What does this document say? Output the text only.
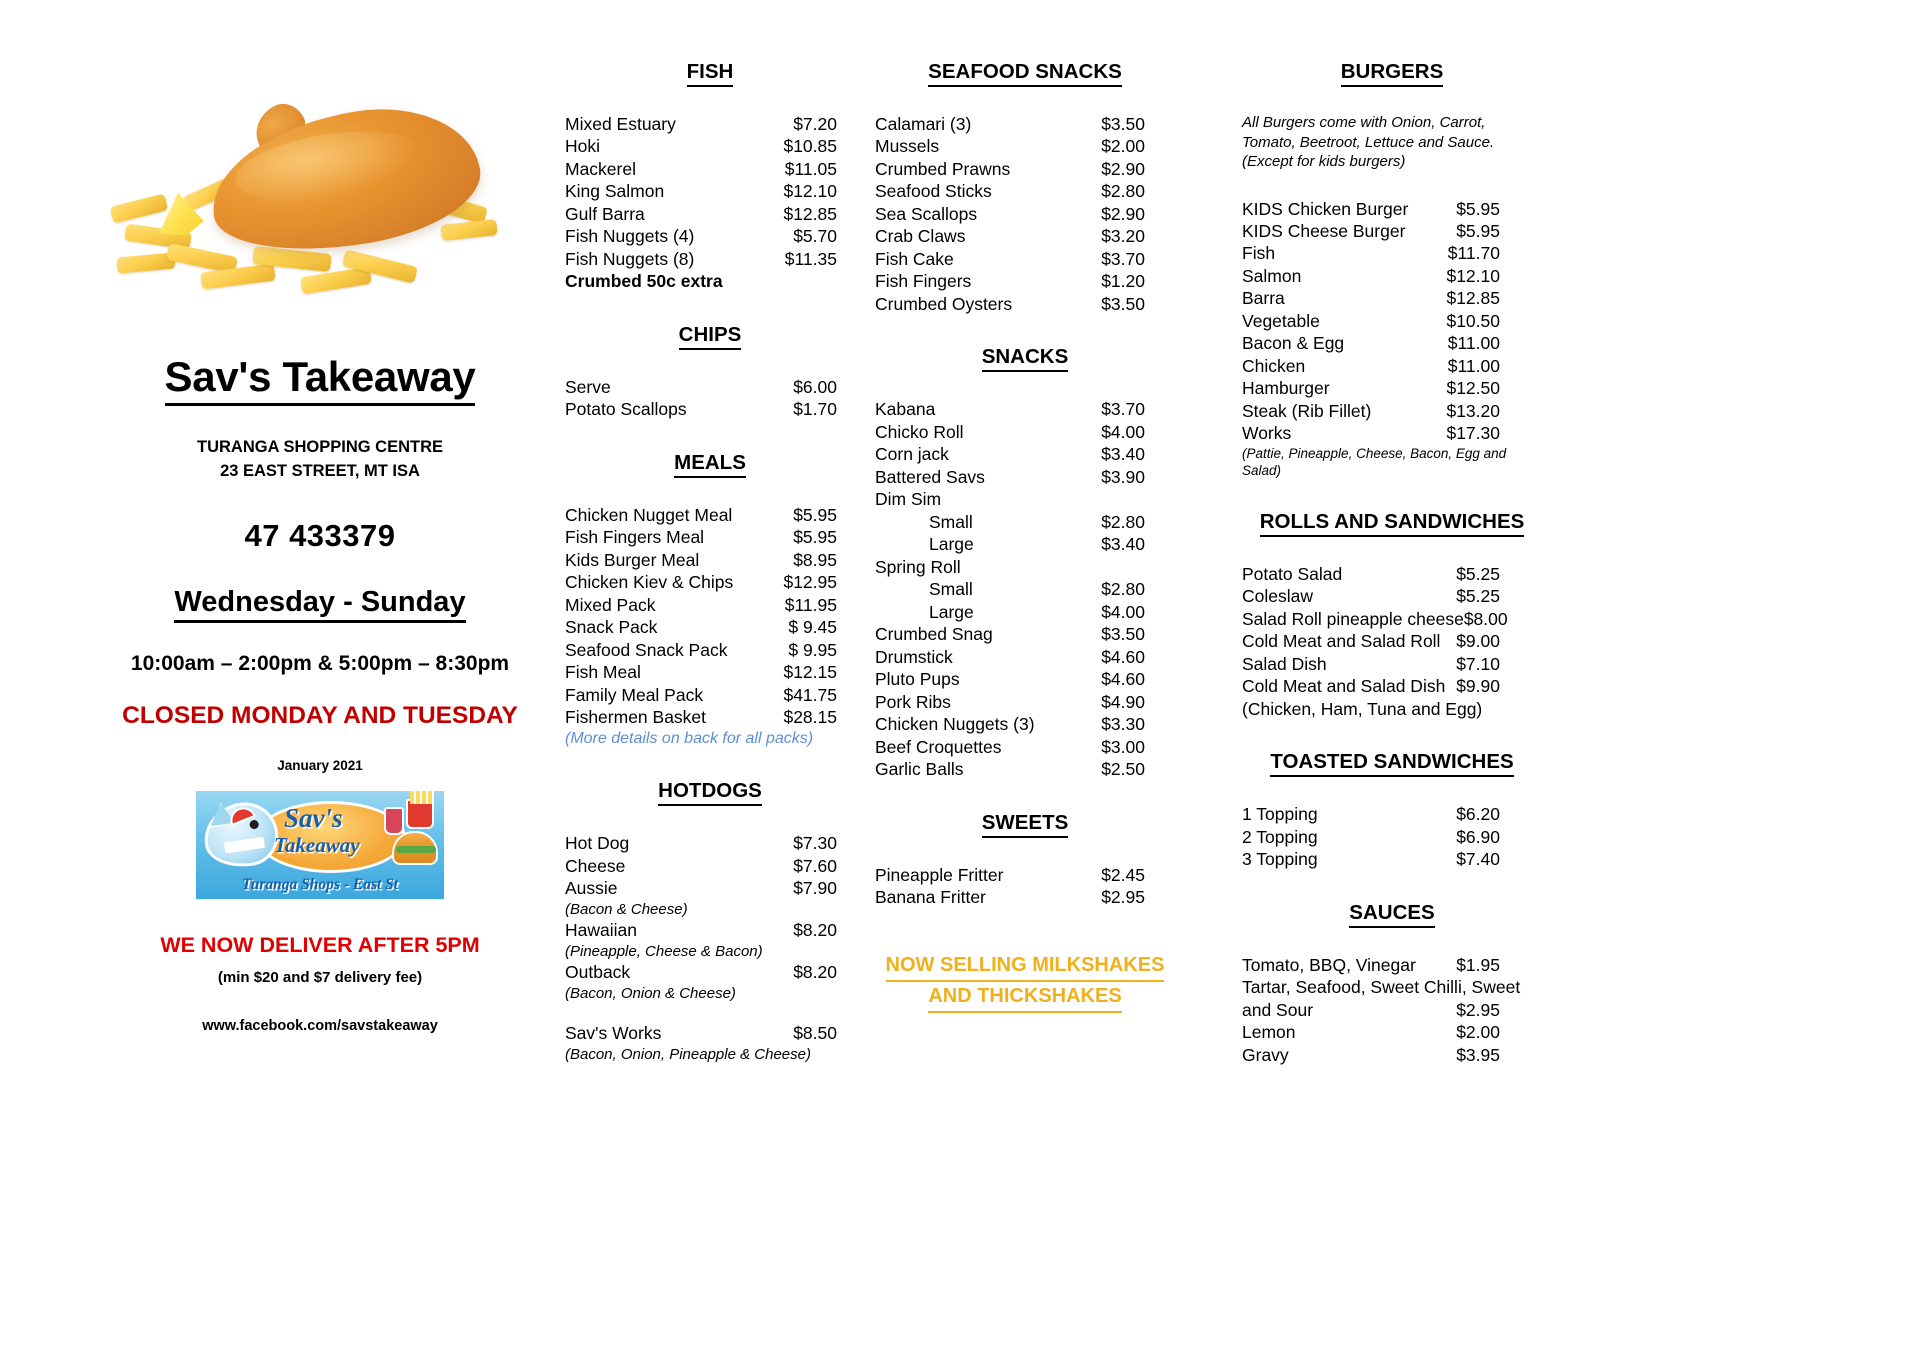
Sav's Takeaway
TURANGA SHOPPING CENTRE
23 EAST STREET, MT ISA
47 433379
Wednesday - Sunday
10:00am – 2:00pm & 5:00pm – 8:30pm
CLOSED MONDAY AND TUESDAY
January 2021
Sav's
Takeaway
Turanga Shops - East St
WE NOW DELIVER AFTER 5PM
(min $20 and $7 delivery fee)
www.facebook.com/savstakeaway
FISH
Mixed Estuary	$7.20
Hoki	$10.85
Mackerel	$11.05
King Salmon	$12.10
Gulf Barra	$12.85
Fish Nuggets (4)	$5.70
Fish Nuggets (8)	$11.35
Crumbed 50c extra
CHIPS
Serve	$6.00
Potato Scallops	$1.70
MEALS
Chicken Nugget Meal	$5.95
Fish Fingers Meal	$5.95
Kids Burger Meal	$8.95
Chicken Kiev & Chips	$12.95
Mixed Pack	$11.95
Snack Pack	$ 9.45
Seafood Snack Pack	$ 9.95
Fish Meal	$12.15
Family Meal Pack	$41.75
Fishermen Basket	$28.15
(More details on back for all packs)
HOTDOGS
Hot Dog	$7.30
Cheese	$7.60
Aussie	$7.90
(Bacon & Cheese)
Hawaiian	$8.20
(Pineapple, Cheese & Bacon)
Outback	$8.20
(Bacon, Onion & Cheese)
Sav's Works	$8.50
(Bacon, Onion, Pineapple & Cheese)
SEAFOOD SNACKS
Calamari (3)	$3.50
Mussels	$2.00
Crumbed Prawns	$2.90
Seafood Sticks	$2.80
Sea Scallops	$2.90
Crab Claws	$3.20
Fish Cake	$3.70
Fish Fingers	$1.20
Crumbed Oysters	$3.50
SNACKS
Kabana	$3.70
Chicko Roll	$4.00
Corn jack	$3.40
Battered Savs	$3.90
Dim Sim
Small	$2.80
Large	$3.40
Spring Roll
Small	$2.80
Large	$4.00
Crumbed Snag	$3.50
Drumstick	$4.60
Pluto Pups	$4.60
Pork Ribs	$4.90
Chicken Nuggets (3)	$3.30
Beef Croquettes	$3.00
Garlic Balls	$2.50
SWEETS
Pineapple Fritter	$2.45
Banana Fritter	$2.95
NOW SELLING MILKSHAKES
AND THICKSHAKES
BURGERS
All Burgers come with Onion, Carrot, Tomato, Beetroot, Lettuce and Sauce. (Except for kids burgers)
KIDS Chicken Burger	$5.95
KIDS Cheese Burger	$5.95
Fish	$11.70
Salmon	$12.10
Barra	$12.85
Vegetable	$10.50
Bacon & Egg	$11.00
Chicken	$11.00
Hamburger	$12.50
Steak (Rib Fillet)	$13.20
Works	$17.30
(Pattie, Pineapple, Cheese, Bacon, Egg and Salad)
ROLLS AND SANDWICHES
Potato Salad	$5.25
Coleslaw	$5.25
Salad Roll pineapple cheese $8.00
Cold Meat and Salad Roll $9.00
Salad Dish	$7.10
Cold Meat and Salad Dish $9.90
(Chicken, Ham, Tuna and Egg)
TOASTED SANDWICHES
1 Topping	$6.20
2 Topping	$6.90
3 Topping	$7.40
SAUCES
Tomato, BBQ, Vinegar $1.95
Tartar, Seafood, Sweet Chilli, Sweet
and Sour	$2.95
Lemon	$2.00
Gravy	$3.95
